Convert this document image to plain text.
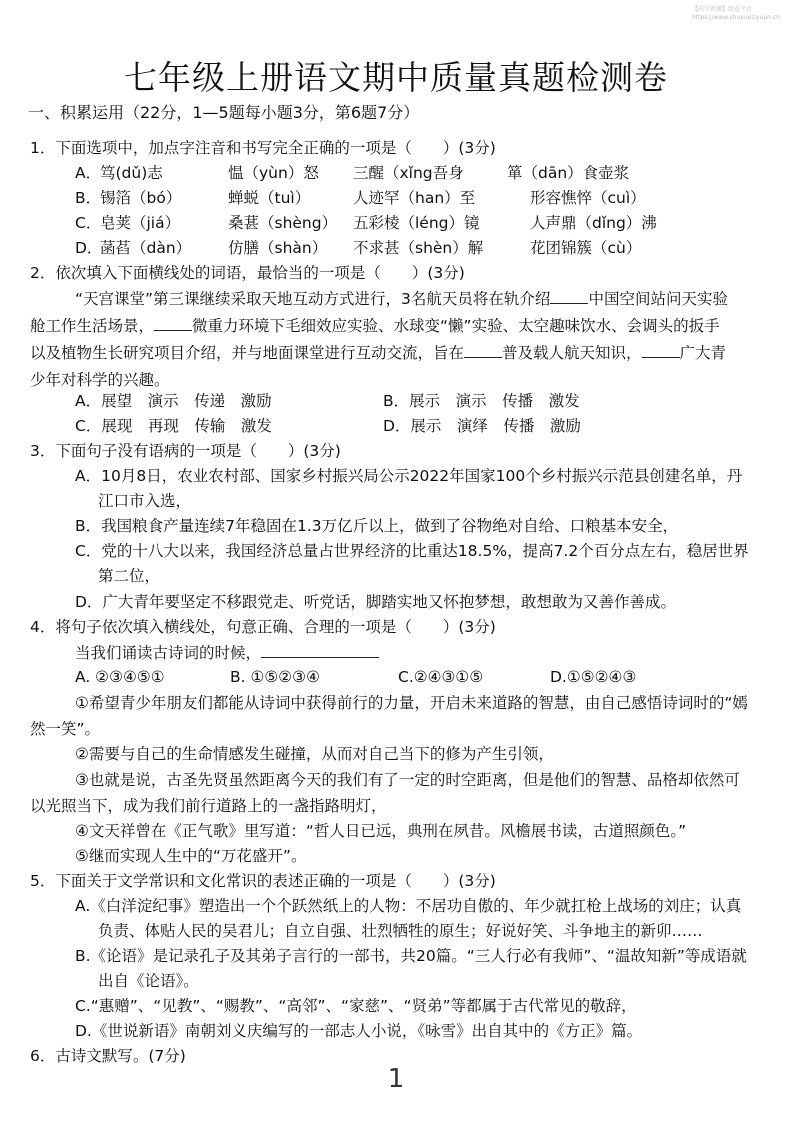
【尚学资源】组卷平台
https://www.shuxueziyuan.cn
七年级上册语文期中质量真题检测卷
一、积累运用（22分，1—5题每小题3分，第6题7分）
1．下面选项中，加点字注音和书写完全正确的一项是（　　）(3分)
A．
笃(dǔ)志	愠（yùn）怒 三醒（xǐng吾身	箪（dān）食壶浆
B．
锡箔（bó）	蝉蜕（tuì）	人迹罕（han）至	形容憔悴（cuì）
C．
皂荚（jiá）	桑葚（shèng） 五彩棱（léng）镜	人声鼎（dǐng）沸
D．
菡萏（dàn） 仿膳（shàn） 不求甚（shèn）解	花团锦簇（cù）
2．依次填入下面横线处的词语，最恰当的一项是（　　）(3分)
“天宫课堂”第三课继续采取天地互动方式进行，3名航天员将在轨介绍 中国空间站问天实验
舱工作生活场景， 微重力环境下毛细效应实验、水球变“懒”实验、太空趣味饮水、会调头的扳手
以及植物生长研究项目介绍，并与地面课堂进行互动交流，旨在 普及载人航天知识， 广大青
少年对科学的兴趣。
A．展望　演示　传递　激励	B．展示　演示　传播　激发
C．展现　再现　传输　激发	D．展示　演绎　传播　激励
3．下面句子没有语病的一项是（　　）(3分)
A．10月8日，农业农村部、国家乡村振兴局公示2022年国家100个乡村振兴示范县创建名单，丹
江口市入选，
B．我国粮食产量连续7年稳固在1.3万亿斤以上，做到了谷物绝对自给、口粮基本安全，
C．党的十八大以来，我国经济总量占世界经济的比重达18.5%，提高7.2个百分点左右，稳居世界
第二位，
D．广大青年要坚定不移跟党走、听党话，脚踏实地又怀抱梦想，敢想敢为又善作善成。
4．将句子依次填入横线处，句意正确、合理的一项是（　　）(3分)
当我们诵读古诗词的时候，
A. ②③④⑤①	B. ①⑤②③④	C.②④③①⑤	D.①⑤②④③
①希望青少年朋友们都能从诗词中获得前行的力量，开启未来道路的智慧，由自己感悟诗词时的“嫣
然一笑”。
②需要与自己的生命情感发生碰撞，从而对自己当下的修为产生引领，
③也就是说，古圣先贤虽然距离今天的我们有了一定的时空距离，但是他们的智慧、品格却依然可
以光照当下，成为我们前行道路上的一盏指路明灯，
④文天祥曾在《正气歌》里写道：“哲人日已远，典刑在夙昔。风檐展书读，古道照颜色。”
⑤继而实现人生中的“万花盛开”。
5．下面关于文学常识和文化常识的表述正确的一项是（　　）(3分)
A.《白洋淀纪事》塑造出一个个跃然纸上的人物：不居功自傲的、年少就扛枪上战场的刘庄；认真
负责、体贴人民的吴君儿；自立自强、壮烈牺牲的原生；好说好笑、斗争地主的新卯……
B.《论语》是记录孔子及其弟子言行的一部书，共20篇。“三人行必有我师”、“温故知新”等成语就
出自《论语》。
C.“惠赠”、“见教”、“赐教”、“高邻”、“家慈”、“贤弟”等都属于古代常见的敬辞，
D.《世说新语》南朝刘义庆编写的一部志人小说，《咏雪》出自其中的《方正》篇。
6．古诗文默写。(7分)
1
